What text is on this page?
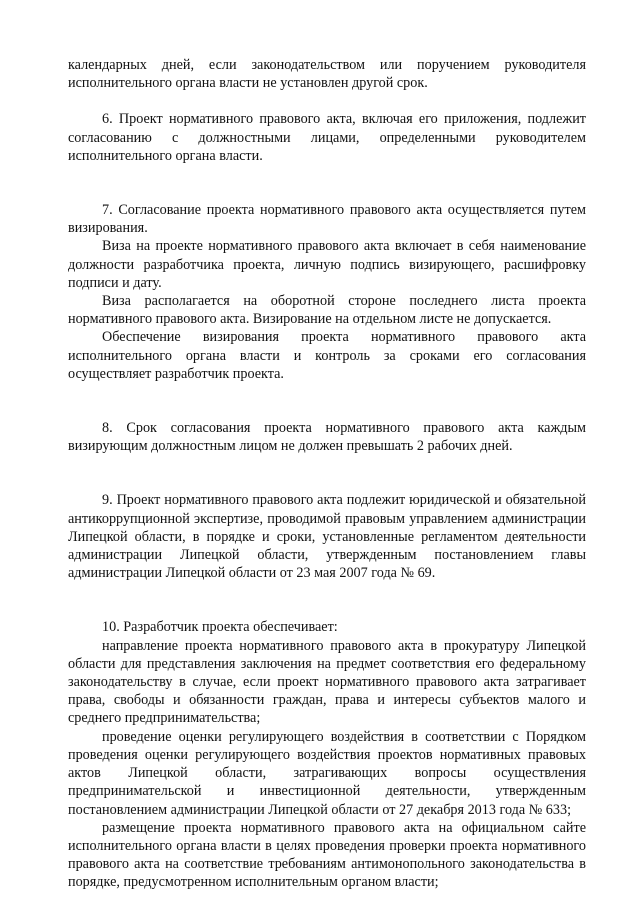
календарных дней, если законодательством или поручением руководителя исполнительного органа власти не установлен другой срок.

6. Проект нормативного правового акта, включая его приложения, подлежит согласованию с должностными лицами, определенными руководителем исполнительного органа власти.

7. Согласование проекта нормативного правового акта осуществляется путем визирования.

Виза на проекте нормативного правового акта включает в себя наименование должности разработчика проекта, личную подпись визирующего, расшифровку подписи и дату.

Виза располагается на оборотной стороне последнего листа проекта нормативного правового акта. Визирование на отдельном листе не допускается.

Обеспечение визирования проекта нормативного правового акта исполнительного органа власти и контроль за сроками его согласования осуществляет разработчик проекта.

8. Срок согласования проекта нормативного правового акта каждым визирующим должностным лицом не должен превышать 2 рабочих дней.

9. Проект нормативного правового акта подлежит юридической и обязательной антикоррупционной экспертизе, проводимой правовым управлением администрации Липецкой области, в порядке и сроки, установленные регламентом деятельности администрации Липецкой области, утвержденным постановлением главы администрации Липецкой области от 23 мая 2007 года № 69.

10. Разработчик проекта обеспечивает:

направление проекта нормативного правового акта в прокуратуру Липецкой области для представления заключения на предмет соответствия его федеральному законодательству в случае, если проект нормативного правового акта затрагивает права, свободы и обязанности граждан, права и интересы субъектов малого и среднего предпринимательства;

проведение оценки регулирующего воздействия в соответствии с Порядком проведения оценки регулирующего воздействия проектов нормативных правовых актов Липецкой области, затрагивающих вопросы осуществления предпринимательской и инвестиционной деятельности, утвержденным постановлением администрации Липецкой области от 27 декабря 2013 года № 633;

размещение проекта нормативного правового акта на официальном сайте исполнительного органа власти в целях проведения проверки проекта нормативного правового акта на соответствие требованиям антимонопольного законодательства в порядке, предусмотренном исполнительным органом власти;
